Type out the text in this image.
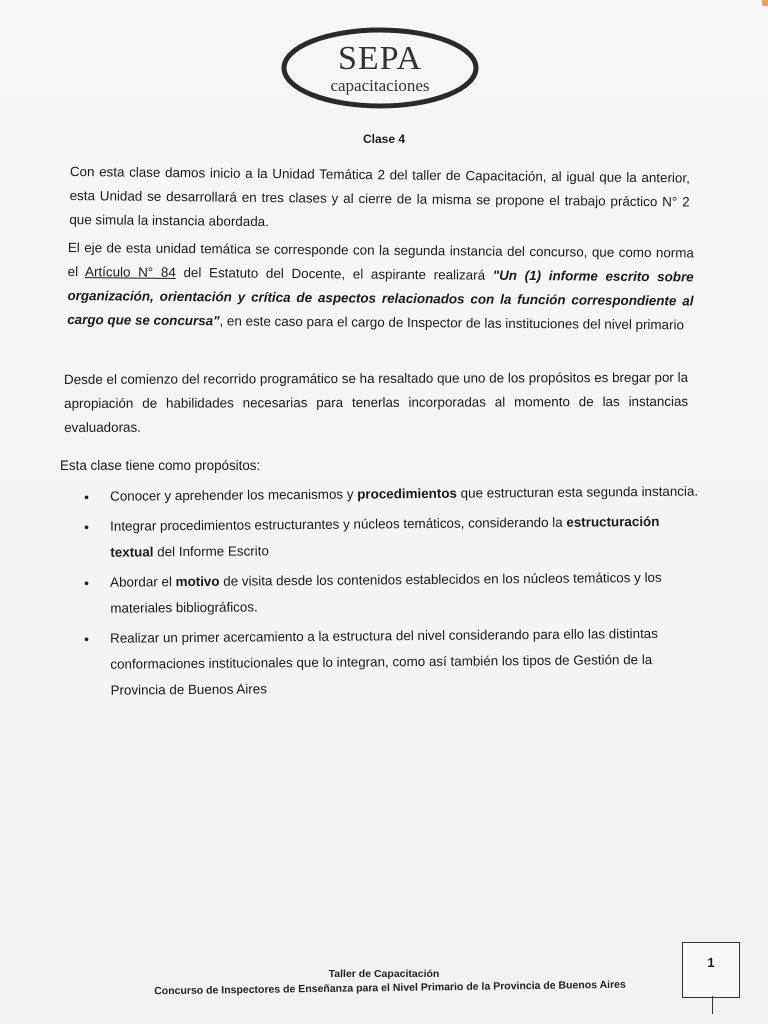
SEPA
capacitaciones
Clase 4
Con esta clase damos inicio a la Unidad Temática 2 del taller de Capacitación, al igual que la anterior, esta Unidad se desarrollará en tres clases y al cierre de la misma se propone el trabajo práctico N° 2 que simula la instancia abordada.
El eje de esta unidad temática se corresponde con la segunda instancia del concurso, que como norma el Artículo N° 84 del Estatuto del Docente, el aspirante realizará "Un (1) informe escrito sobre organización, orientación y crítica de aspectos relacionados con la función correspondiente al cargo que se concursa", en este caso para el cargo de Inspector de las instituciones del nivel primario
Desde el comienzo del recorrido programático se ha resaltado que uno de los propósitos es bregar por la apropiación de habilidades necesarias para tenerlas incorporadas al momento de las instancias evaluadoras.
Esta clase tiene como propósitos:
• Conocer y aprehender los mecanismos y procedimientos que estructuran esta segunda instancia.
• Integrar procedimientos estructurantes y núcleos temáticos, considerando la estructuración textual del Informe Escrito
• Abordar el motivo de visita desde los contenidos establecidos en los núcleos temáticos y los materiales bibliográficos.
• Realizar un primer acercamiento a la estructura del nivel considerando para ello las distintas conformaciones institucionales que lo integran, como así también los tipos de Gestión de la Provincia de Buenos Aires
Taller de Capacitación
Concurso de Inspectores de Enseñanza para el Nivel Primario de la Provincia de Buenos Aires
1
